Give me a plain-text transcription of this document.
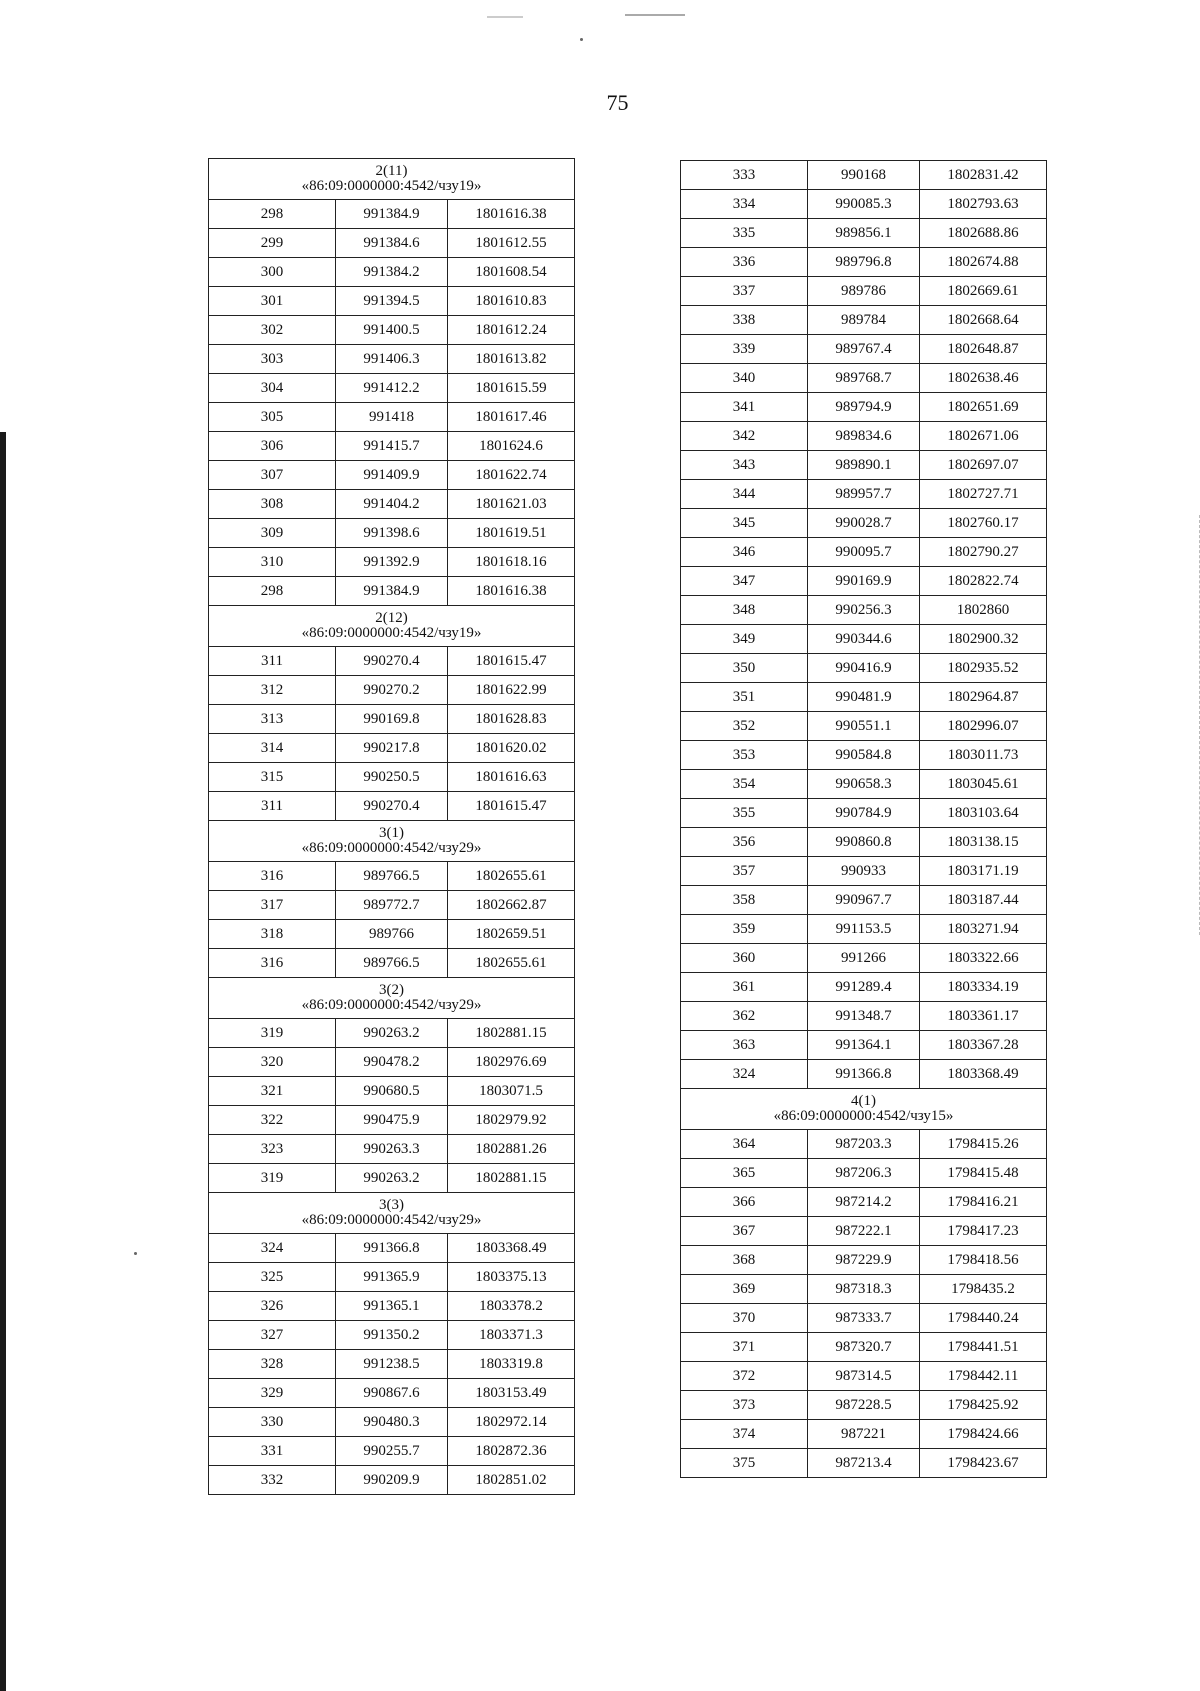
75
2(11)
«86:09:0000000:4542/чзу19»		

298	991384.9	1801616.38
299	991384.6	1801612.55
300	991384.2	1801608.54
301	991394.5	1801610.83
302	991400.5	1801612.24
303	991406.3	1801613.82
304	991412.2	1801615.59
305	991418	1801617.46
306	991415.7	1801624.6
307	991409.9	1801622.74
308	991404.2	1801621.03
309	991398.6	1801619.51
310	991392.9	1801618.16
298	991384.9	1801616.38

2(12)
«86:09:0000000:4542/чзу19»		

311	990270.4	1801615.47
312	990270.2	1801622.99
313	990169.8	1801628.83
314	990217.8	1801620.02
315	990250.5	1801616.63
311	990270.4	1801615.47

3(1)
«86:09:0000000:4542/чзу29»		

316	989766.5	1802655.61
317	989772.7	1802662.87
318	989766	1802659.51
316	989766.5	1802655.61

3(2)
«86:09:0000000:4542/чзу29»		

319	990263.2	1802881.15
320	990478.2	1802976.69
321	990680.5	1803071.5
322	990475.9	1802979.92
323	990263.3	1802881.26
319	990263.2	1802881.15

3(3)
«86:09:0000000:4542/чзу29»		

324	991366.8	1803368.49
325	991365.9	1803375.13
326	991365.1	1803378.2
327	991350.2	1803371.3
328	991238.5	1803319.8
329	990867.6	1803153.49
330	990480.3	1802972.14
331	990255.7	1802872.36
332	990209.9	1802851.02
333	990168	1802831.42
334	990085.3	1802793.63
335	989856.1	1802688.86
336	989796.8	1802674.88
337	989786	1802669.61
338	989784	1802668.64
339	989767.4	1802648.87
340	989768.7	1802638.46
341	989794.9	1802651.69
342	989834.6	1802671.06
343	989890.1	1802697.07
344	989957.7	1802727.71
345	990028.7	1802760.17
346	990095.7	1802790.27
347	990169.9	1802822.74
348	990256.3	1802860
349	990344.6	1802900.32
350	990416.9	1802935.52
351	990481.9	1802964.87
352	990551.1	1802996.07
353	990584.8	1803011.73
354	990658.3	1803045.61
355	990784.9	1803103.64
356	990860.8	1803138.15
357	990933	1803171.19
358	990967.7	1803187.44
359	991153.5	1803271.94
360	991266	1803322.66
361	991289.4	1803334.19
362	991348.7	1803361.17
363	991364.1	1803367.28
324	991366.8	1803368.49

4(1)
«86:09:0000000:4542/чзу15»		

364	987203.3	1798415.26
365	987206.3	1798415.48
366	987214.2	1798416.21
367	987222.1	1798417.23
368	987229.9	1798418.56
369	987318.3	1798435.2
370	987333.7	1798440.24
371	987320.7	1798441.51
372	987314.5	1798442.11
373	987228.5	1798425.92
374	987221	1798424.66
375	987213.4	1798423.67
